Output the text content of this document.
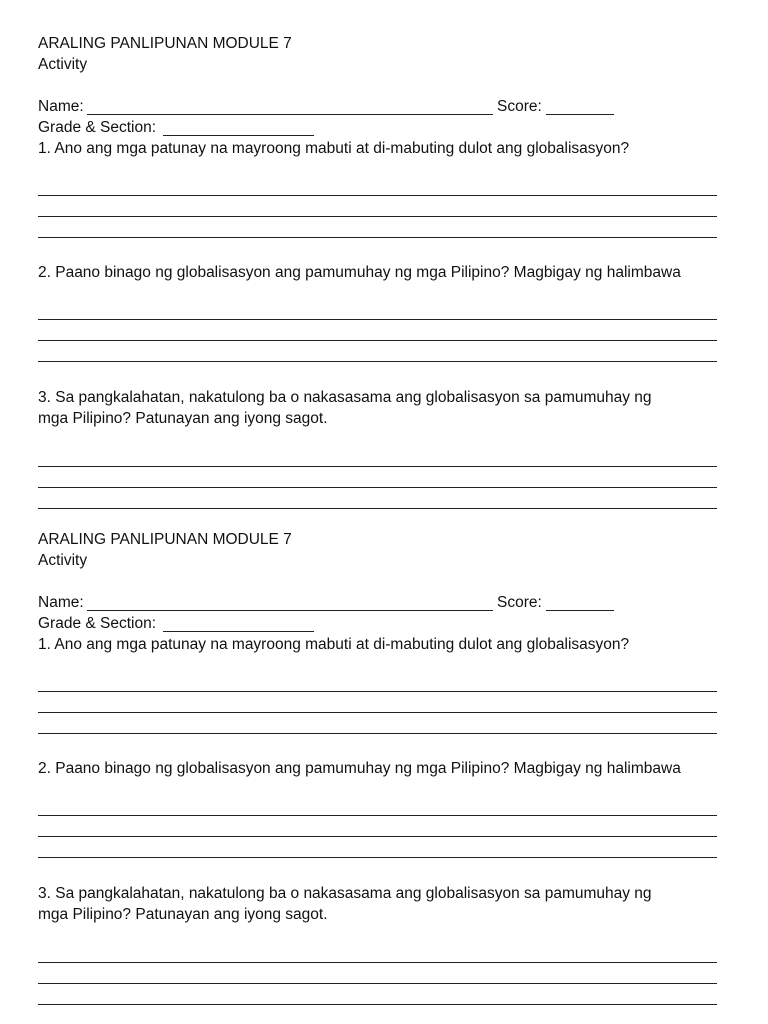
ARALING PANLIPUNAN MODULE 7
Activity
Name:	Score:
Grade & Section:
1. Ano ang mga patunay na mayroong mabuti at di-mabuting dulot ang globalisasyon?
2. Paano binago ng globalisasyon ang pamumuhay ng mga Pilipino? Magbigay ng halimbawa
3. Sa pangkalahatan, nakatulong ba o nakasasama ang globalisasyon sa pamumuhay ng
mga Pilipino? Patunayan ang iyong sagot.
ARALING PANLIPUNAN MODULE 7
Activity
Name:	Score:
Grade & Section:
1. Ano ang mga patunay na mayroong mabuti at di-mabuting dulot ang globalisasyon?
2. Paano binago ng globalisasyon ang pamumuhay ng mga Pilipino? Magbigay ng halimbawa
3. Sa pangkalahatan, nakatulong ba o nakasasama ang globalisasyon sa pamumuhay ng
mga Pilipino? Patunayan ang iyong sagot.
